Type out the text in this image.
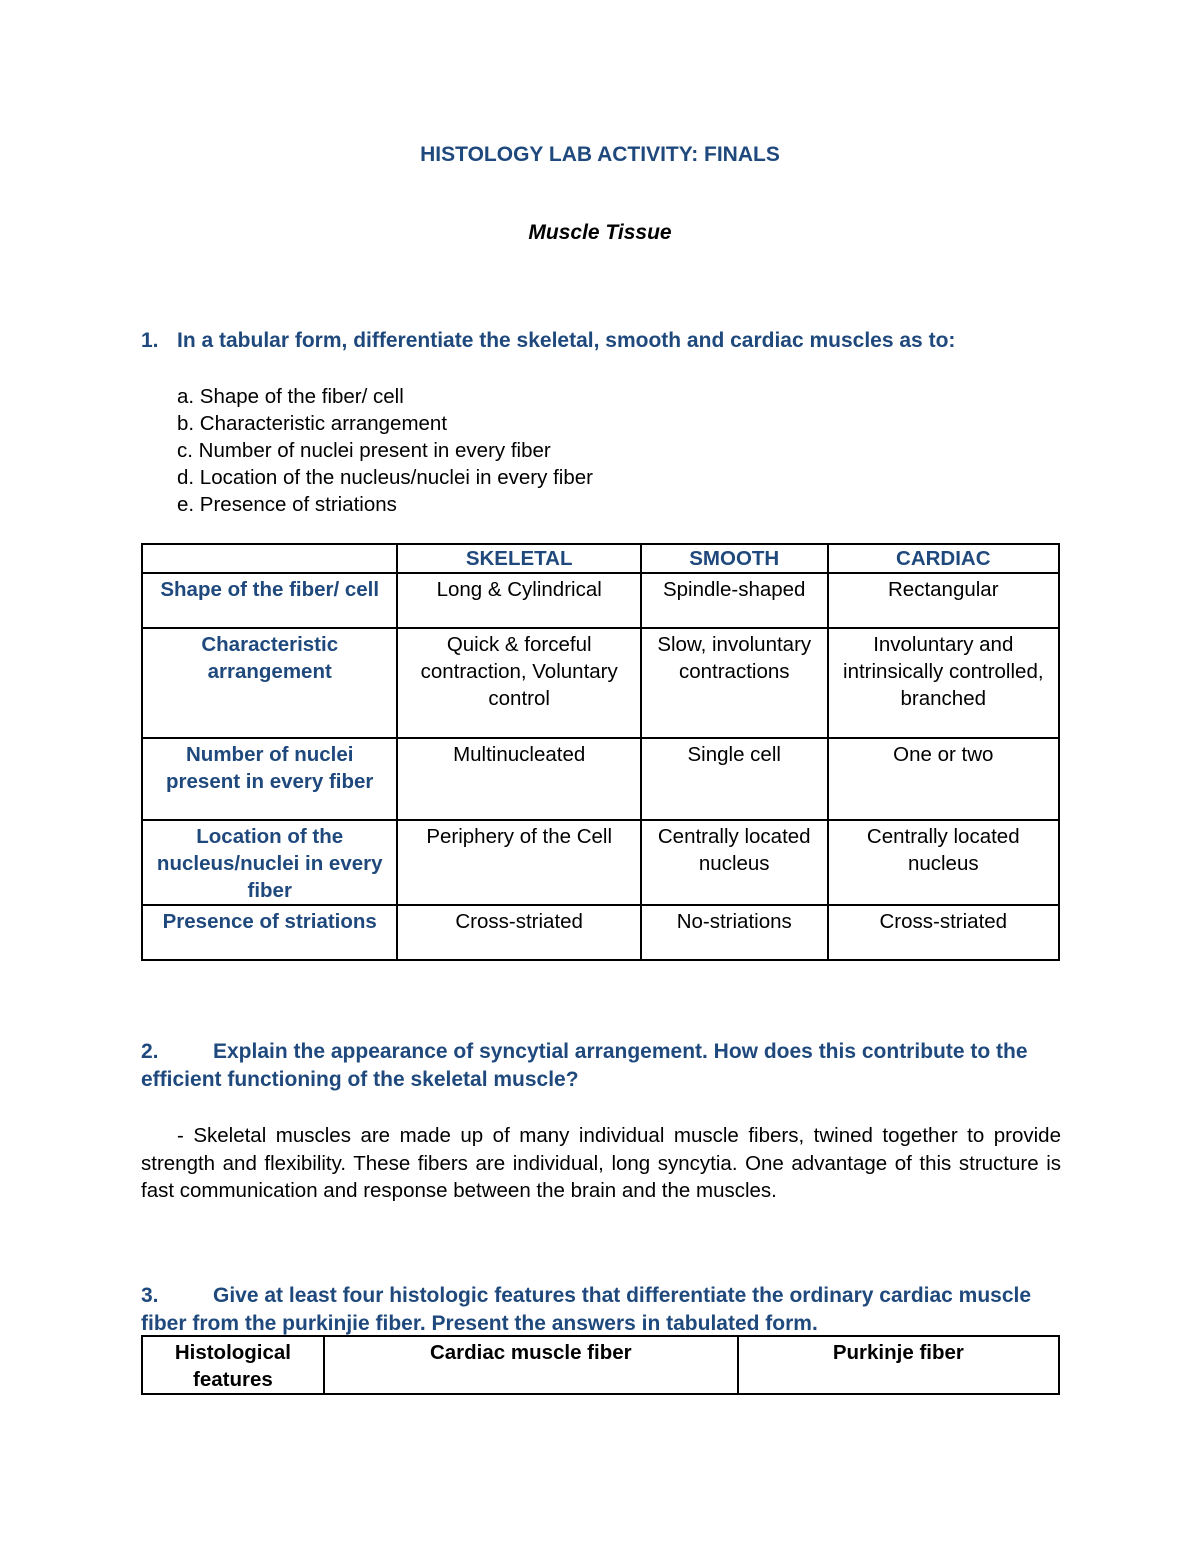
HISTOLOGY LAB ACTIVITY: FINALS
Muscle Tissue
1. In a tabular form, differentiate the skeletal, smooth and cardiac muscles as to:
a. Shape of the fiber/ cell
b. Characteristic arrangement
c. Number of nuclei present in every fiber
d. Location of the nucleus/nuclei in every fiber
e. Presence of striations
	SKELETAL	SMOOTH	CARDIAC
Shape of the fiber/ cell	Long & Cylindrical	Spindle-shaped	Rectangular
Characteristic arrangement	Quick & forceful contraction, Voluntary control	Slow, involuntary contractions	Involuntary and intrinsically controlled, branched
Number of nuclei present in every fiber	Multinucleated	Single cell	One or two
Location of the nucleus/nuclei in every fiber	Periphery of the Cell	Centrally located nucleus	Centrally located nucleus
Presence of striations	Cross-striated	No-striations	Cross-striated
2.	Explain the appearance of syncytial arrangement. How does this contribute to the efficient functioning of the skeletal muscle?
- Skeletal muscles are made up of many individual muscle fibers, twined together to provide strength and flexibility. These fibers are individual, long syncytia. One advantage of this structure is fast communication and response between the brain and the muscles.
3.	Give at least four histologic features that differentiate the ordinary cardiac muscle fiber from the purkinjie fiber. Present the answers in tabulated form.
Histological features	Cardiac muscle fiber	Purkinje fiber
